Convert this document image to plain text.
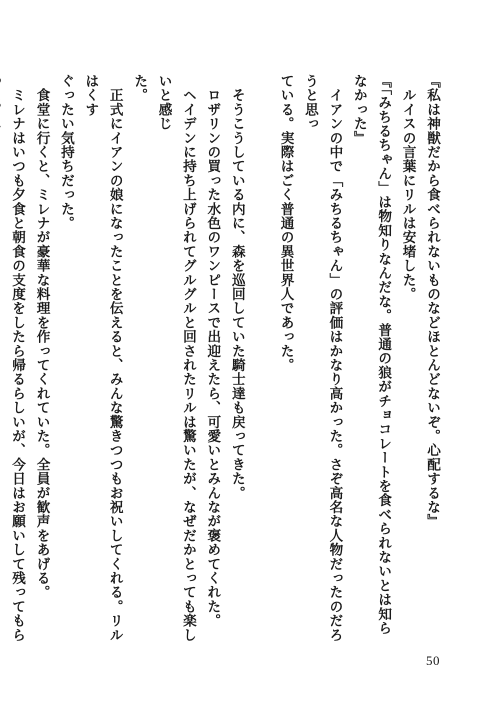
『私は神獣だから食べられないものなどほとんどないぞ。心配するな』
　ルイスの言葉にリルは安堵した。
『「みちるちゃん」は物知りなんだな。普通の狼がチョコレートを食べられないとは知らなかった』
　イアンの中で「みちるちゃん」の評価はかなり高かった。さぞ高名な人物だったのだろうと思っ
ている。実際はごく普通の異世界人であった。
　そうこうしている内に、森を巡回していた騎士達も戻ってきた。
　ロザリンの買った水色のワンピースで出迎えたら、可愛いとみんなが褒めてくれた。
　ヘイデンに持ち上げられてグルグルと回されたリルは驚いたが、なぜだかとっても楽しいと感じ
た。
　正式にイアンの娘になったことを伝えると、みんな驚きつつもお祝いしてくれる。リルはくす
ぐったい気持ちだった。
　食堂に行くと、ミレナが豪華な料理を作ってくれていた。全員が歓声をあげる。
　ミレナはいつも夕食と朝食の支度をしたら帰るらしいが、今日はお願いして残ってもら
50
